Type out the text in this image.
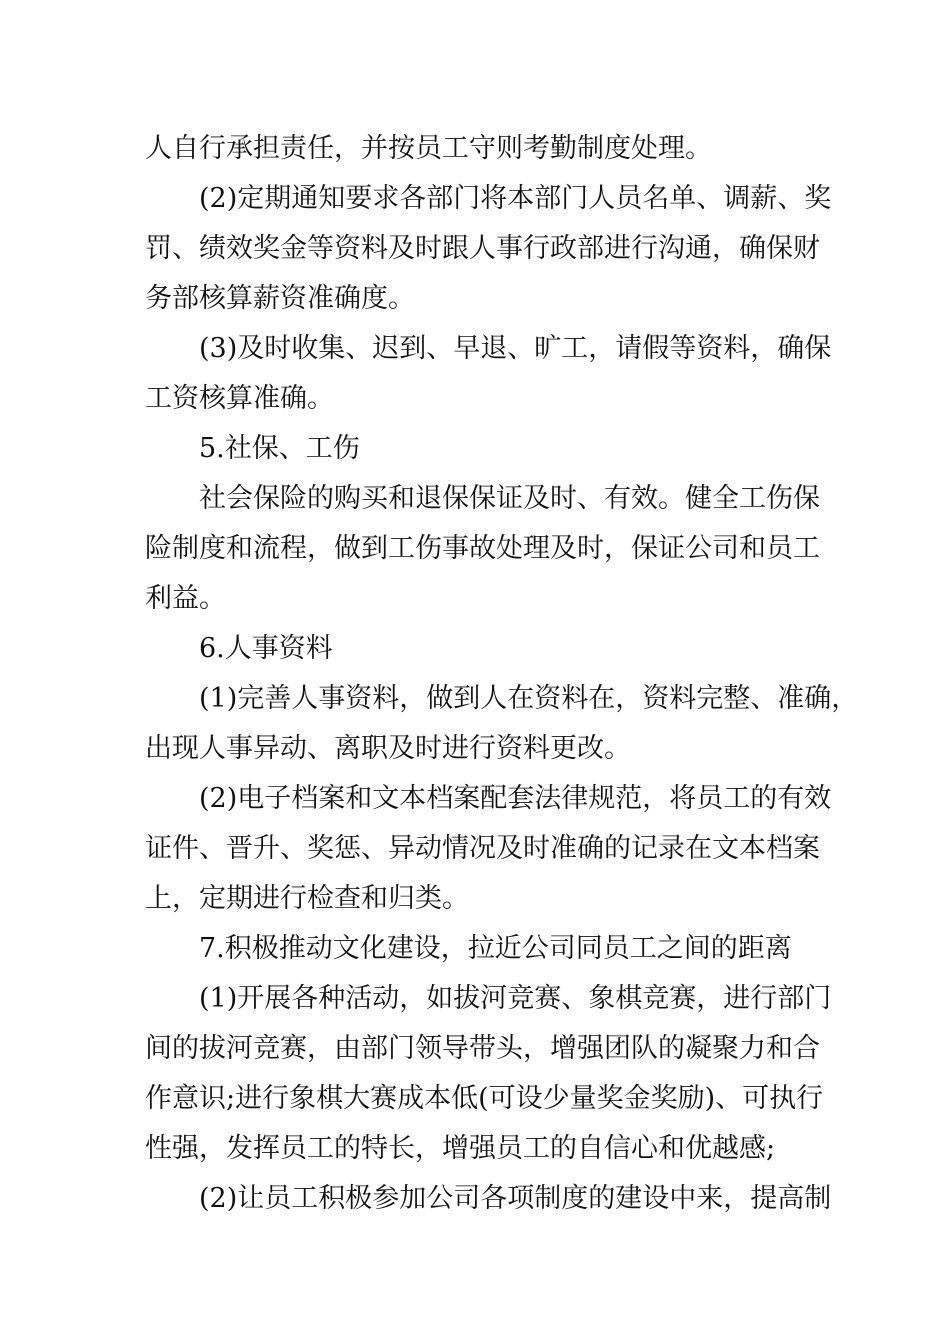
人自行承担责任，并按员工守则考勤制度处理。
(2)定期通知要求各部门将本部门人员名单、调薪、奖
罚、绩效奖金等资料及时跟人事行政部进行沟通，确保财
务部核算薪资准确度。
(3)及时收集、迟到、早退、旷工，请假等资料，确保
工资核算准确。
5.社保、工伤
社会保险的购买和退保保证及时、有效。健全工伤保
险制度和流程，做到工伤事故处理及时，保证公司和员工
利益。
6.人事资料
(1)完善人事资料，做到人在资料在，资料完整、准确，
出现人事异动、离职及时进行资料更改。
(2)电子档案和文本档案配套法律规范，将员工的有效
证件、晋升、奖惩、异动情况及时准确的记录在文本档案
上，定期进行检查和归类。
7.积极推动文化建设，拉近公司同员工之间的距离
(1)开展各种活动，如拔河竞赛、象棋竞赛，进行部门
间的拔河竞赛，由部门领导带头，增强团队的凝聚力和合
作意识;进行象棋大赛成本低(可设少量奖金奖励)、可执行
性强，发挥员工的特长，增强员工的自信心和优越感;
(2)让员工积极参加公司各项制度的建设中来，提高制
